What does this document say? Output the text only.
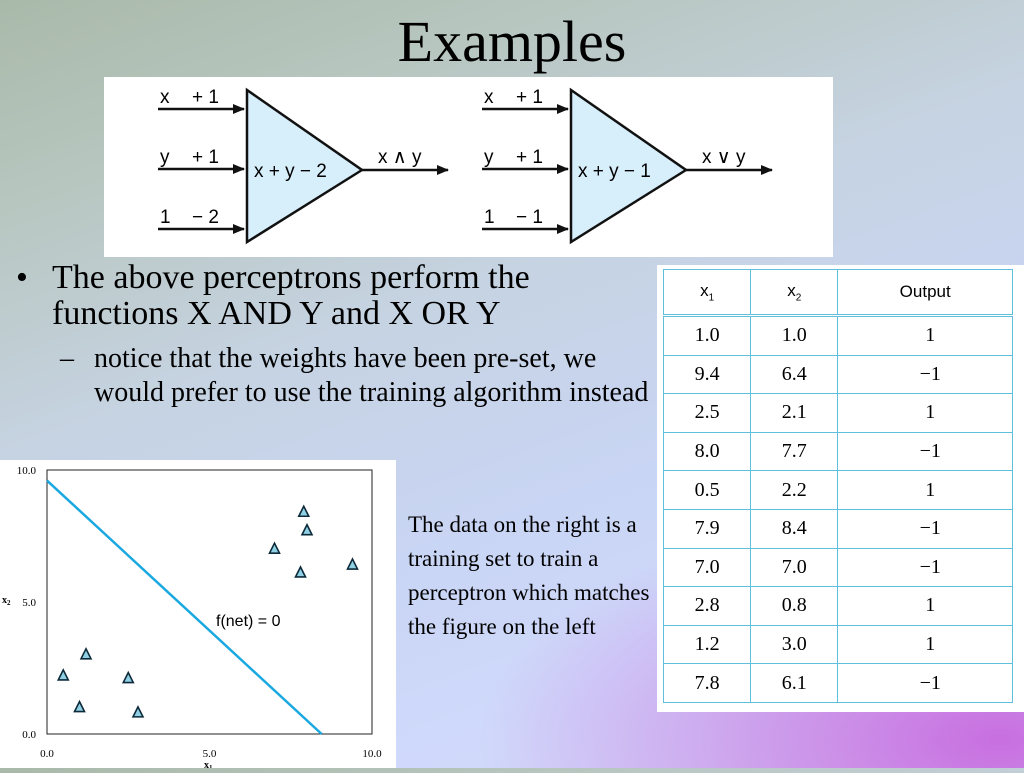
Examples
x + 1
y + 1
1 − 2
x + y − 2
x ∧ y
x + 1
y + 1
1 − 1
x + y − 1
x ∨ y
• The above perceptrons perform the functions X AND Y and X OR Y
– notice that the weights have been pre-set, we would prefer to use the training algorithm instead
0.0
5.0
10.0
0.0	5.0	10.0
$x_2$
$x_1$
f(net) = 0
The data on the right is a training set to train a perceptron which matches the figure on the left
$x_1$	$x_2$	Output
1.0	1.0	1
9.4	6.4	−1
2.5	2.1	1
8.0	7.7	−1
0.5	2.2	1
7.9	8.4	−1
7.0	7.0	−1
2.8	0.8	1
1.2	3.0	1
7.8	6.1	−1
